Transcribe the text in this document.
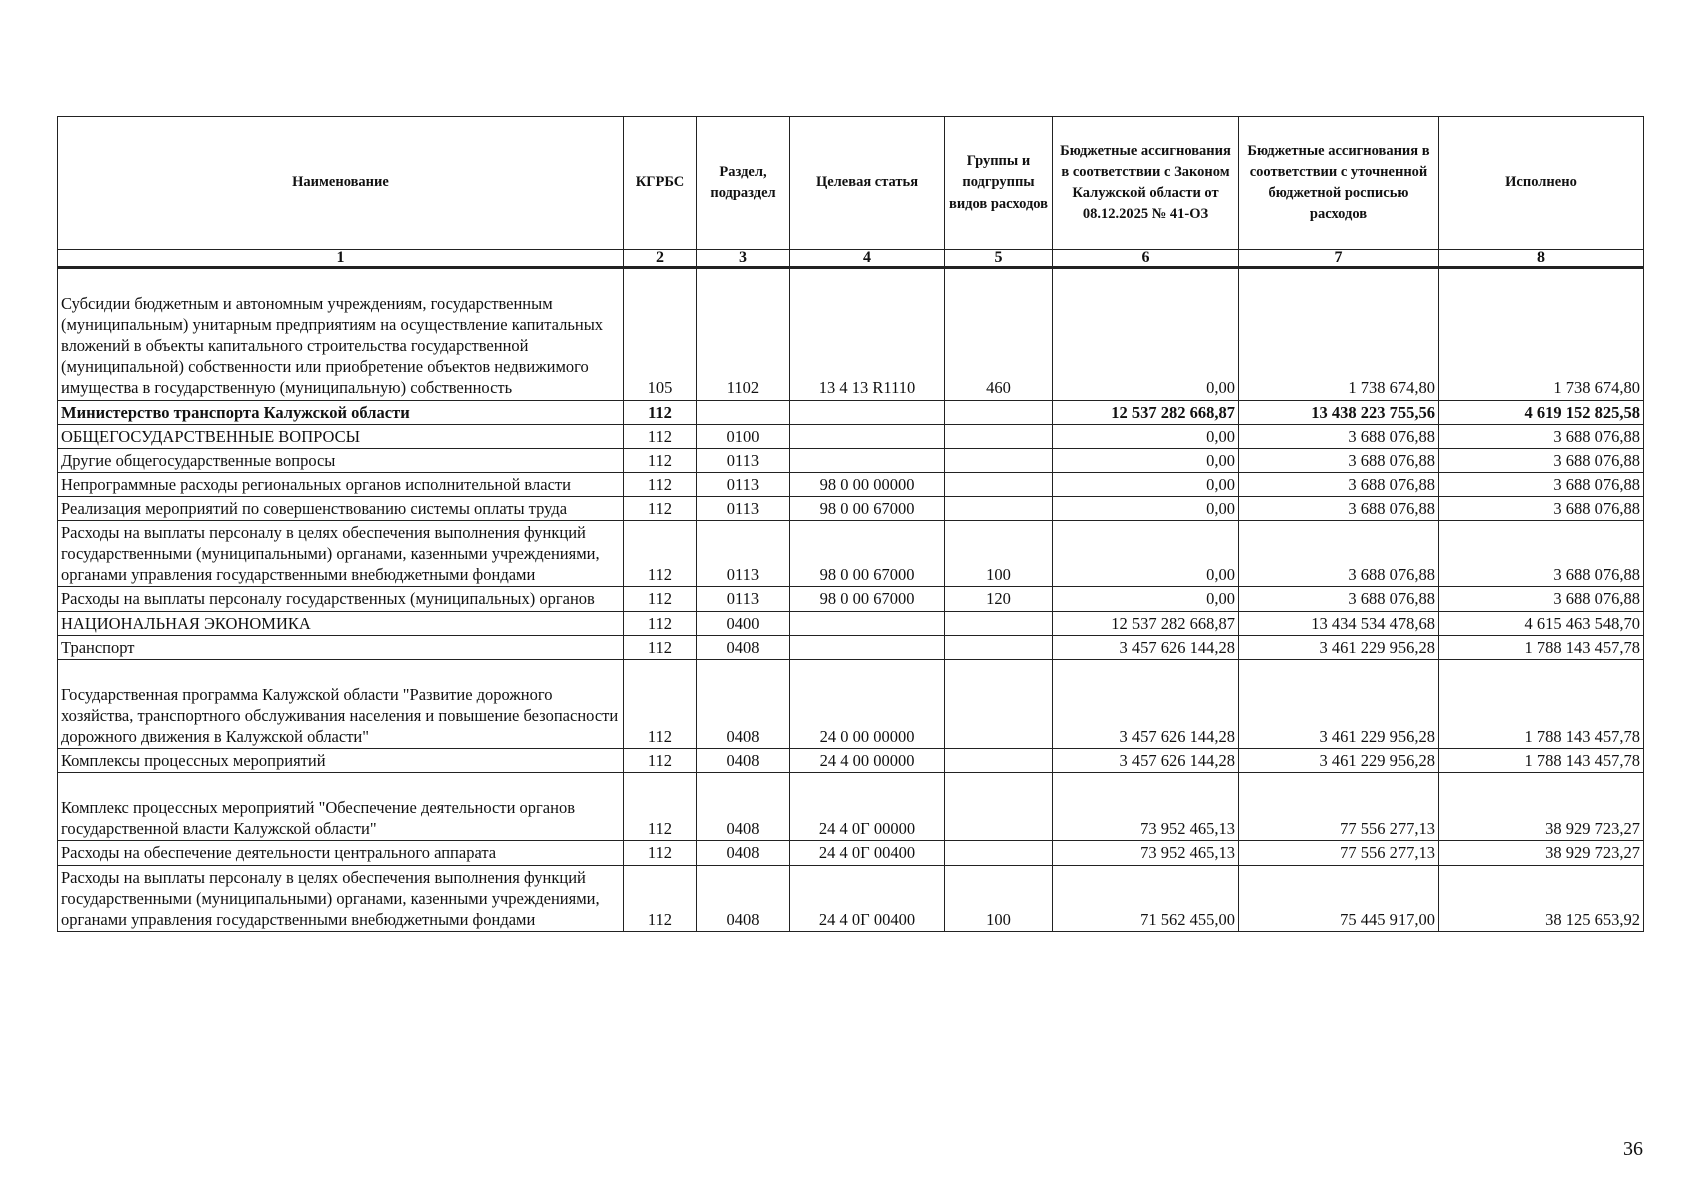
Наименование	КГРБС	Раздел, подраздел	Целевая статья	Группы и подгруппы видов расходов	Бюджетные ассигнования в соответствии с Законом Калужской области от 08.12.2025 № 41-ОЗ	Бюджетные ассигнования в соответствии с уточненной бюджетной росписью расходов	Исполнено
1	2	3	4	5	6	7	8
Субсидии бюджетным и автономным учреждениям, государственным (муниципальным) унитарным предприятиям на осуществление капитальных вложений в объекты капитального строительства государственной (муниципальной) собственности или приобретение объектов недвижимого имущества в государственную (муниципальную) собственность	105	1102	13 4 13 R1110	460	0,00	1 738 674,80	1 738 674,80
Министерство транспорта Калужской области	112				12 537 282 668,87	13 438 223 755,56	4 619 152 825,58
ОБЩЕГОСУДАРСТВЕННЫЕ ВОПРОСЫ	112	0100			0,00	3 688 076,88	3 688 076,88
Другие общегосударственные вопросы	112	0113			0,00	3 688 076,88	3 688 076,88
Непрограммные расходы региональных органов исполнительной власти	112	0113	98 0 00 00000		0,00	3 688 076,88	3 688 076,88
Реализация мероприятий по совершенствованию системы оплаты труда	112	0113	98 0 00 67000		0,00	3 688 076,88	3 688 076,88
Расходы на выплаты персоналу в целях обеспечения выполнения функций государственными (муниципальными) органами, казенными учреждениями, органами управления государственными внебюджетными фондами	112	0113	98 0 00 67000	100	0,00	3 688 076,88	3 688 076,88
Расходы на выплаты персоналу государственных (муниципальных) органов	112	0113	98 0 00 67000	120	0,00	3 688 076,88	3 688 076,88
НАЦИОНАЛЬНАЯ ЭКОНОМИКА	112	0400			12 537 282 668,87	13 434 534 478,68	4 615 463 548,70
Транспорт	112	0408			3 457 626 144,28	3 461 229 956,28	1 788 143 457,78
Государственная программа Калужской области "Развитие дорожного хозяйства, транспортного обслуживания населения и повышение безопасности дорожного движения в Калужской области"	112	0408	24 0 00 00000		3 457 626 144,28	3 461 229 956,28	1 788 143 457,78
Комплексы процессных мероприятий	112	0408	24 4 00 00000		3 457 626 144,28	3 461 229 956,28	1 788 143 457,78
Комплекс процессных мероприятий "Обеспечение деятельности органов государственной власти Калужской области"	112	0408	24 4 0Г 00000		73 952 465,13	77 556 277,13	38 929 723,27
Расходы на обеспечение деятельности центрального аппарата	112	0408	24 4 0Г 00400		73 952 465,13	77 556 277,13	38 929 723,27
Расходы на выплаты персоналу в целях обеспечения выполнения функций государственными (муниципальными) органами, казенными учреждениями, органами управления государственными внебюджетными фондами	112	0408	24 4 0Г 00400	100	71 562 455,00	75 445 917,00	38 125 653,92
36
